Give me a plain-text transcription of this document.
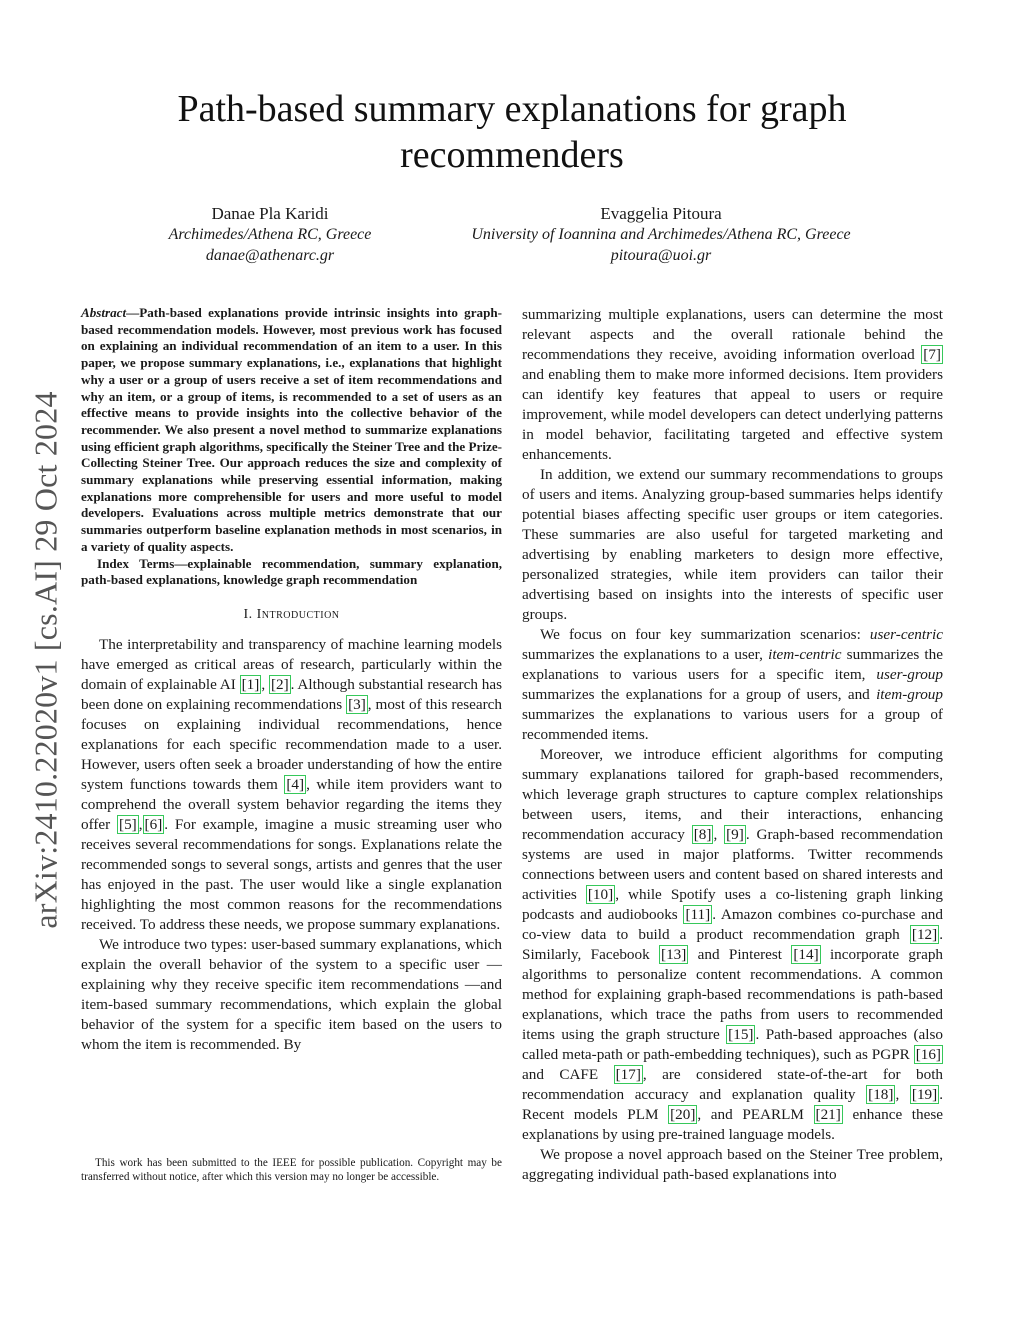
arXiv:2410.22020v1 [cs.AI] 29 Oct 2024
Path-based summary explanations for graph recommenders
Danae Pla Karidi
Archimedes/Athena RC, Greece
danae@athenarc.gr
Evaggelia Pitoura
University of Ioannina and Archimedes/Athena RC, Greece
pitoura@uoi.gr

Abstract—Path-based explanations provide intrinsic insights into graph-based recommendation models. However, most previous work has focused on explaining an individual recommendation of an item to a user. In this paper, we propose summary explanations, i.e., explanations that highlight why a user or a group of users receive a set of item recommendations and why an item, or a group of items, is recommended to a set of users as an effective means to provide insights into the collective behavior of the recommender. We also present a novel method to summarize explanations using efficient graph algorithms, specifically the Steiner Tree and the Prize-Collecting Steiner Tree. Our approach reduces the size and complexity of summary explanations while preserving essential information, making explanations more comprehensible for users and more useful to model developers. Evaluations across multiple metrics demonstrate that our summaries outperform baseline explanation methods in most scenarios, in a variety of quality aspects.

Index Terms—explainable recommendation, summary explanation, path-based explanations, knowledge graph recommendation

I. Introduction

The interpretability and transparency of machine learning models have emerged as critical areas of research, particularly within the domain of explainable AI [1] , [2] . Although substantial research has been done on explaining recommendations [3] , most of this research focuses on explaining individual recommendations, hence explanations for each specific recommendation made to a user. However, users often seek a broader understanding of how the entire system functions towards them [4] , while item providers want to comprehend the overall system behavior regarding the items they offer [5] , [6] . For example, imagine a music streaming user who receives several recommendations for songs. Explanations relate the recommended songs to several songs, artists and genres that the user has enjoyed in the past. The user would like a single explanation highlighting the most common reasons for the recommendations received. To address these needs, we propose summary explanations.

We introduce two types: user-based summary explanations, which explain the overall behavior of the system to a specific user —explaining why they receive specific item recommendations —and item-based summary recommendations, which explain the global behavior of the system for a specific item based on the users to whom the item is recommended. By

This work has been submitted to the IEEE for possible publication. Copyright may be transferred without notice, after which this version may no longer be accessible.

summarizing multiple explanations, users can determine the most relevant aspects and the overall rationale behind the recommendations they receive, avoiding information overload [7] and enabling them to make more informed decisions. Item providers can identify key features that appeal to users or require improvement, while model developers can detect underlying patterns in model behavior, facilitating targeted and effective system enhancements.

In addition, we extend our summary recommendations to groups of users and items. Analyzing group-based summaries helps identify potential biases affecting specific user groups or item categories. These summaries are also useful for targeted marketing and advertising by enabling marketers to design more effective, personalized strategies, while item providers can tailor their advertising based on insights into the interests of specific user groups.

We focus on four key summarization scenarios: user-centric summarizes the explanations to a user, item-centric summarizes the explanations to various users for a specific item, user-group summarizes the explanations for a group of users, and item-group summarizes the explanations to various users for a group of recommended items.

Moreover, we introduce efficient algorithms for computing summary explanations tailored for graph-based recommenders, which leverage graph structures to capture complex relationships between users, items, and their interactions, enhancing recommendation accuracy [8] , [9] . Graph-based recommendation systems are used in major platforms. Twitter recommends connections between users and content based on shared interests and activities [10] , while Spotify uses a co-listening graph linking podcasts and audiobooks [11] . Amazon combines co-purchase and co-view data to build a product recommendation graph [12] . Similarly, Facebook [13] and Pinterest [14] incorporate graph algorithms to personalize content recommendations. A common method for explaining graph-based recommendations is path-based explanations, which trace the paths from users to recommended items using the graph structure [15] . Path-based approaches (also called meta-path or path-embedding techniques), such as PGPR [16] and CAFE [17] , are considered state-of-the-art for both recommendation accuracy and explanation quality [18] , [19] . Recent models PLM [20] , and PEARLM [21] enhance these explanations by using pre-trained language models.

We propose a novel approach based on the Steiner Tree problem, aggregating individual path-based explanations into
